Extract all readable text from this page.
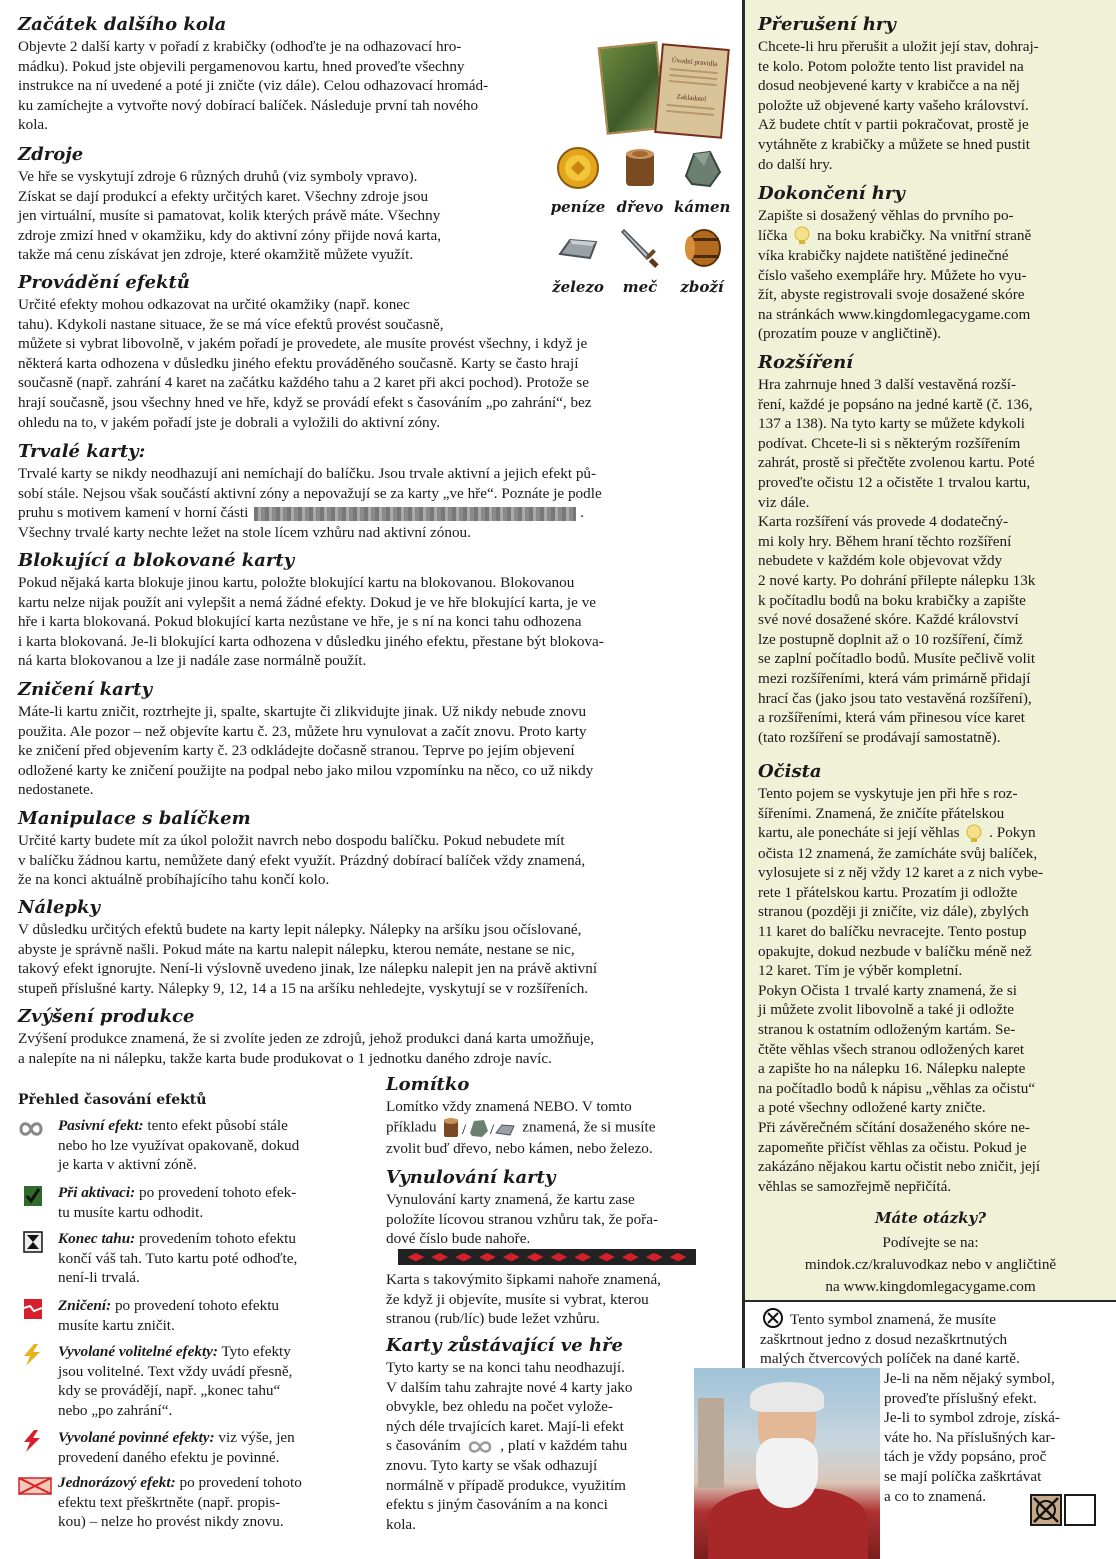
Začátek dalšího kola
Objevte 2 další karty v pořadí z krabičky (odhoďte je na odhazovací hro-
mádku). Pokud jste objevili pergamenovou kartu, hned proveďte všechny
instrukce na ní uvedené a poté ji zničte (viz dále). Celou odhazovací hromád-
ku zamíchejte a vytvořte nový dobírací balíček. Následuje první tah nového
kola.
Úvodní pravidla
Zakladatel
Zdroje
Ve hře se vyskytují zdroje 6 různých druhů (viz symboly vpravo).
Získat se dají produkcí a efekty určitých karet. Všechny zdroje jsou
jen virtuální, musíte si pamatovat, kolik kterých právě máte. Všechny
zdroje zmizí hned v okamžiku, kdy do aktivní zóny přijde nová karta,
takže má cenu získávat jen zdroje, které okamžitě můžete využít.
peníze dřevo kámen
železo	meč	zboží
Provádění efektů
Určité efekty mohou odkazovat na určité okamžiky (např. konec
tahu). Kdykoli nastane situace, že se má více efektů provést současně,
můžete si vybrat libovolně, v jakém pořadí je provedete, ale musíte provést všechny, i když je
některá karta odhozena v důsledku jiného efektu prováděného současně. Karty se často hrají
současně (např. zahrání 4 karet na začátku každého tahu a 2 karet při akci pochod). Protože se
hrají současně, jsou všechny hned ve hře, když se provádí efekt s časováním „po zahrání“, bez
ohledu na to, v jakém pořadí jste je dobrali a vyložili do aktivní zóny.
Trvalé karty:
Trvalé karty se nikdy neodhazují ani nemíchají do balíčku. Jsou trvale aktivní a jejich efekt pů-
sobí stále. Nejsou však součástí aktivní zóny a nepovažují se za karty „ve hře“. Poznáte je podle
pruhu s motivem kamení v horní části	.
Všechny trvalé karty nechte ležet na stole lícem vzhůru nad aktivní zónou.
Blokující a blokované karty
Pokud nějaká karta blokuje jinou kartu, položte blokující kartu na blokovanou. Blokovanou
kartu nelze nijak použít ani vylepšit a nemá žádné efekty. Dokud je ve hře blokující karta, je ve
hře i karta blokovaná. Pokud blokující karta nezůstane ve hře, je s ní na konci tahu odhozena
i karta blokovaná. Je-li blokující karta odhozena v důsledku jiného efektu, přestane být blokova-
ná karta blokovanou a lze ji nadále zase normálně použít.
Zničení karty
Máte-li kartu zničit, roztrhejte ji, spalte, skartujte či zlikvidujte jinak. Už nikdy nebude znovu
použita. Ale pozor – než objevíte kartu č. 23, můžete hru vynulovat a začít znovu. Proto karty
ke zničení před objevením karty č. 23 odkládejte dočasně stranou. Teprve po jejím objevení
odložené karty ke zničení použijte na podpal nebo jako milou vzpomínku na něco, co už nikdy
nedostanete.
Manipulace s balíčkem
Určité karty budete mít za úkol položit navrch nebo dospodu balíčku. Pokud nebudete mít
v balíčku žádnou kartu, nemůžete daný efekt využít. Prázdný dobírací balíček vždy znamená,
že na konci aktuálně probíhajícího tahu končí kolo.
Nálepky
V důsledku určitých efektů budete na karty lepit nálepky. Nálepky na aršíku jsou očíslované,
abyste je správně našli. Pokud máte na kartu nalepit nálepku, kterou nemáte, nestane se nic,
takový efekt ignorujte. Není-li výslovně uvedeno jinak, lze nálepku nalepit jen na právě aktivní
stupeň příslušné karty. Nálepky 9, 12, 14 a 15 na aršíku nehledejte, vyskytují se v rozšířeních.
Zvýšení produkce
Zvýšení produkce znamená, že si zvolíte jeden ze zdrojů, jehož produkci daná karta umožňuje,
a nalepíte na ni nálepku, takže karta bude produkovat o 1 jednotku daného zdroje navíc.
Přehled časování efektů
Pasivní efekt: tento efekt působí stále
nebo ho lze využívat opakovaně, dokud
je karta v aktivní zóně.
Při aktivaci: po provedení tohoto efek-
tu musíte kartu odhodit.
Konec tahu: provedením tohoto efektu
končí váš tah. Tuto kartu poté odhoďte,
není-li trvalá.
Zničení: po provedení tohoto efektu
musíte kartu zničit.
Vyvolané volitelné efekty: Tyto efekty
jsou volitelné. Text vždy uvádí přesně,
kdy se provádějí, např. „konec tahu“
nebo „po zahrání“.
Vyvolané povinné efekty: viz výše, jen
provedení daného efektu je povinné.
Jednorázový efekt: po provedení tohoto
efektu text přeškrtněte (např. propis-
kou) – nelze ho provést nikdy znovu.
Lomítko
Lomítko vždy znamená NEBO. V tomto
příkladu / / znamená, že si musíte
zvolit buď dřevo, nebo kámen, nebo železo.
Vynulování karty
Vynulování karty znamená, že kartu zase
položíte lícovou stranou vzhůru tak, že pořa-
dové číslo bude nahoře.
◀▶ ◀▶ ◀▶ ◀▶ ◀▶ ◀▶ ◀▶ ◀▶ ◀▶ ◀▶ ◀▶ ◀▶
Karta s takovýmito šipkami nahoře znamená,
že když ji objevíte, musíte si vybrat, kterou
stranou (rub/líc) bude ležet vzhůru.
Karty zůstávající ve hře
Tyto karty se na konci tahu neodhazují.
V dalším tahu zahrajte nové 4 karty jako
obvykle, bez ohledu na počet vylože-
ných déle trvajících karet. Mají-li efekt
s časováním	, platí v každém tahu
znovu. Tyto karty se však odhazují
normálně v případě produkce, využitím
efektu s jiným časováním a na konci
kola.
Přerušení hry
Chcete-li hru přerušit a uložit její stav, dohraj-
te kolo. Potom položte tento list pravidel na
dosud neobjevené karty v krabičce a na něj
položte už objevené karty vašeho království.
Až budete chtít v partii pokračovat, prostě je
vytáhněte z krabičky a můžete se hned pustit
do další hry.
Dokončení hry
Zapište si dosažený věhlas do prvního po-
líčka na boku krabičky. Na vnitřní straně
víka krabičky najdete natištěné jedinečné
číslo vašeho exempláře hry. Můžete ho vyu-
žít, abyste registrovali svoje dosažené skóre
na stránkách www.kingdomlegacygame.com
(prozatím pouze v angličtině).
Rozšíření
Hra zahrnuje hned 3 další vestavěná rozší-
ření, každé je popsáno na jedné kartě (č. 136,
137 a 138). Na tyto karty se můžete kdykoli
podívat. Chcete-li si s některým rozšířením
zahrát, prostě si přečtěte zvolenou kartu. Poté
proveďte očistu 12 a očistěte 1 trvalou kartu,
viz dále.
Karta rozšíření vás provede 4 dodatečný-
mi koly hry. Během hraní těchto rozšíření
nebudete v každém kole objevovat vždy
2 nové karty. Po dohrání přilepte nálepku 13k
k počítadlu bodů na boku krabičky a zapište
své nové dosažené skóre. Každé království
lze postupně doplnit až o 10 rozšíření, čímž
se zaplní počítadlo bodů. Musíte pečlivě volit
mezi rozšířeními, která vám primárně přidají
hrací čas (jako jsou tato vestavěná rozšíření),
a rozšířeními, která vám přinesou více karet
(tato rozšíření se prodávají samostatně).
Očista
Tento pojem se vyskytuje jen při hře s roz-
šířeními. Znamená, že zničíte přátelskou
kartu, ale ponecháte si její věhlas . Pokyn
očista 12 znamená, že zamícháte svůj balíček,
vylosujete si z něj vždy 12 karet a z nich vybe-
rete 1 přátelskou kartu. Prozatím ji odložte
stranou (později ji zničíte, viz dále), zbylých
11 karet do balíčku nevracejte. Tento postup
opakujte, dokud nezbude v balíčku méně než
12 karet. Tím je výběr kompletní.
Pokyn Očista 1 trvalé karty znamená, že si
ji můžete zvolit libovolně a také ji odložte
stranou k ostatním odloženým kartám. Se-
čtěte věhlas všech stranou odložených karet
a zapište ho na nálepku 16. Nálepku nalepte
na počítadlo bodů k nápisu „věhlas za očistu“
a poté všechny odložené karty zničte.
Při závěrečném sčítání dosaženého skóre ne-
zapomeňte přičíst věhlas za očistu. Pokud je
zakázáno nějakou kartu očistit nebo zničit, její
věhlas se samozřejmě nepřičítá.
Máte otázky?
Podívejte se na:
mindok.cz/kraluvodkaz nebo v angličtině
na www.kingdomlegacygame.com
Tento symbol znamená, že musíte
zaškrtnout jedno z dosud nezaškrtnutých
malých čtvercových políček na dané kartě.
Je-li na něm nějaký symbol,
proveďte příslušný efekt.
Je-li to symbol zdroje, získá-
váte ho. Na příslušných kar-
tách je vždy popsáno, proč
se mají políčka zaškrtávat
a co to znamená.
